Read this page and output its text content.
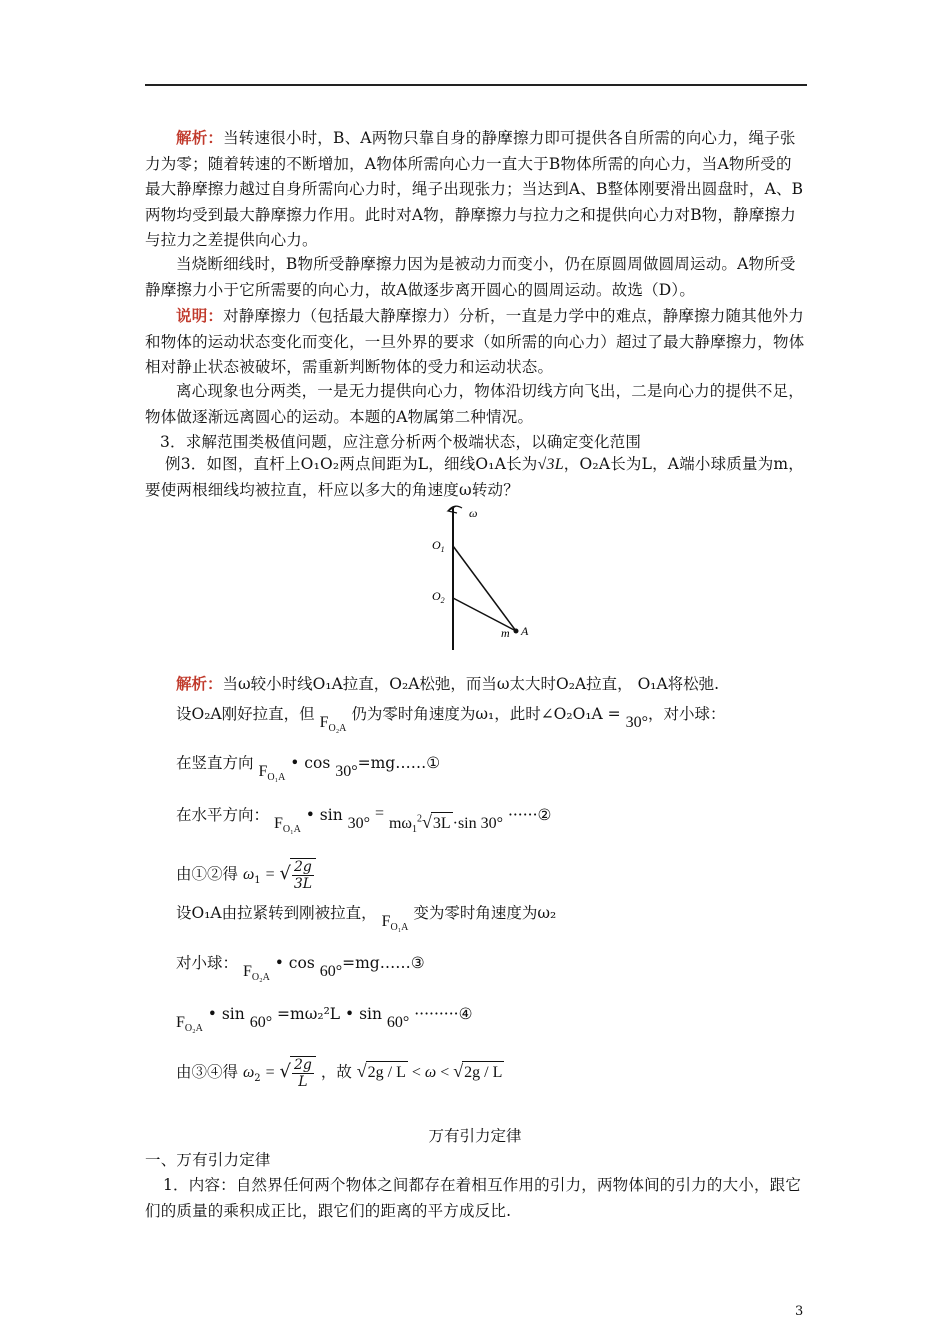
解析：当转速很小时，B、A两物只靠自身的静摩擦力即可提供各自所需的向心力，绳子张力为零；随着转速的不断增加，A物体所需向心力一直大于B物体所需的向心力，当A物所受的最大静摩擦力越过自身所需向心力时，绳子出现张力；当达到A、B整体刚要滑出圆盘时，A、B两物均受到最大静摩擦力作用。此时对A物，静摩擦力与拉力之和提供向心力对B物，静摩擦力与拉力之差提供向心力。
当烧断细线时，B物所受静摩擦力因为是被动力而变小，仍在原圆周做圆周运动。A物所受静摩擦力小于它所需要的向心力，故A做逐步离开圆心的圆周运动。故选（D）。
说明：对静摩擦力（包括最大静摩擦力）分析，一直是力学中的难点，静摩擦力随其他外力和物体的运动状态变化而变化，一旦外界的要求（如所需的向心力）超过了最大静摩擦力，物体相对静止状态被破坏，需重新判断物体的受力和运动状态。
离心现象也分两类，一是无力提供向心力，物体沿切线方向飞出，二是向心力的提供不足，物体做逐渐远离圆心的运动。本题的A物属第二种情况。
3．求解范围类极值问题，应注意分析两个极端状态，以确定变化范围
例3．如图，直杆上O₁O₂两点间距为L，细线O₁A长为√3L，O₂A长为L，A端小球质量为m，要使两根细线均被拉直，杆应以多大的角速度ω转动？
ω
$O_1$
$O_2$
m A
解析：当ω较小时线O₁A拉直，O₂A松弛，而当ω太大时O₂A拉直， O₁A将松弛.
设O₂A刚好拉直，但 $F_{O_2A}$ 仍为零时角速度为ω₁，此时∠O₂O₁A = 30°，对小球：
在竖直方向 $F_{O_1A}$ • cos 30°=mg……①
在水平方向： $F_{O_1A}$ • $\sin 30^\circ = m\omega_1^2√3L \cdot\sin$ 30° ······②
由①②得 $\omega_1$ = √ $\frac{2g}{3L}$
设O₁A由拉紧转到刚被拉直， $F_{O_1A}$ 变为零时角速度为ω₂
对小球： $F_{O_2A}$ • cos 60°=mg……③
$F_{O_2A}$ • sin 60° =mω₂²L • sin 60° ·········④
由③④得 $\omega_2$ = √ $\frac{2g}{L}$ ，故 √2g / L < ω < √2g / L
万有引力定律
一、万有引力定律
1．内容：自然界任何两个物体之间都存在着相互作用的引力，两物体间的引力的大小，跟它们的质量的乘积成正比，跟它们的距离的平方成反比.
3
